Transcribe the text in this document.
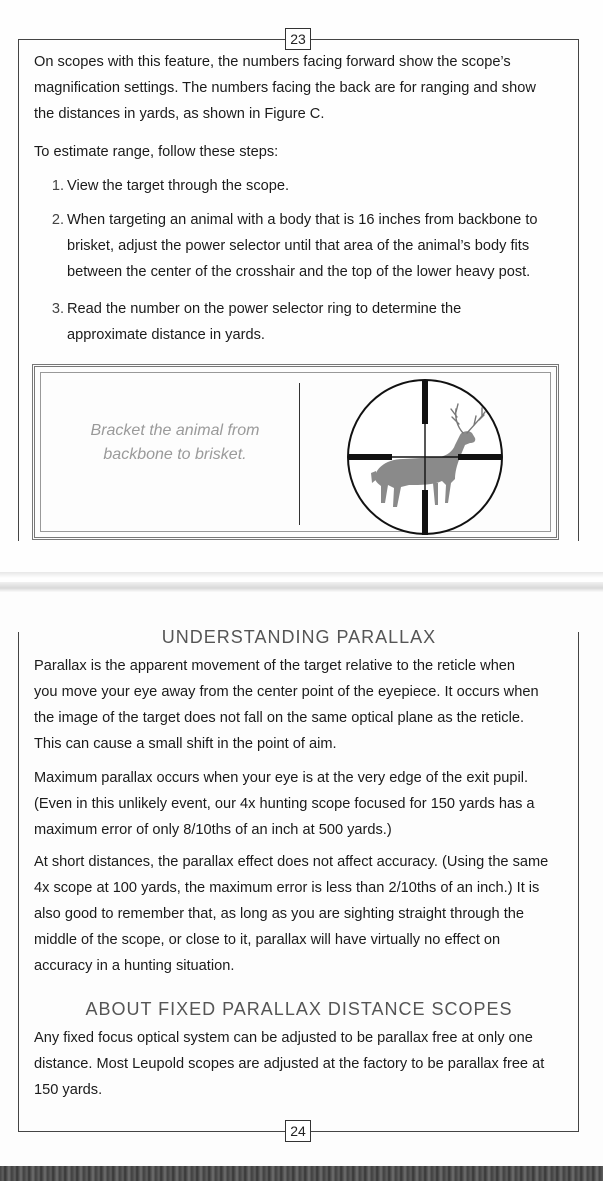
23
On scopes with this feature, the numbers facing forward show the scope’s
magnification settings. The numbers facing the back are for ranging and show
the distances in yards, as shown in Figure C.
To estimate range, follow these steps:
1. View the target through the scope.
2. When targeting an animal with a body that is 16 inches from backbone to
brisket, adjust the power selector until that area of the animal’s body fits
between the center of the crosshair and the top of the lower heavy post.
3. Read the number on the power selector ring to determine the
approximate distance in yards.
Bracket the animal from
backbone to brisket.
UNDERSTANDING PARALLAX
Parallax is the apparent movement of the target relative to the reticle when
you move your eye away from the center point of the eyepiece. It occurs when
the image of the target does not fall on the same optical plane as the reticle.
This can cause a small shift in the point of aim.
Maximum parallax occurs when your eye is at the very edge of the exit pupil.
(Even in this unlikely event, our 4x hunting scope focused for 150 yards has a
maximum error of only 8/10ths of an inch at 500 yards.)
At short distances, the parallax effect does not affect accuracy. (Using the same
4x scope at 100 yards, the maximum error is less than 2/10ths of an inch.) It is
also good to remember that, as long as you are sighting straight through the
middle of the scope, or close to it, parallax will have virtually no effect on
accuracy in a hunting situation.
ABOUT FIXED PARALLAX DISTANCE SCOPES
Any fixed focus optical system can be adjusted to be parallax free at only one
distance. Most Leupold scopes are adjusted at the factory to be parallax free at
150 yards.
24
